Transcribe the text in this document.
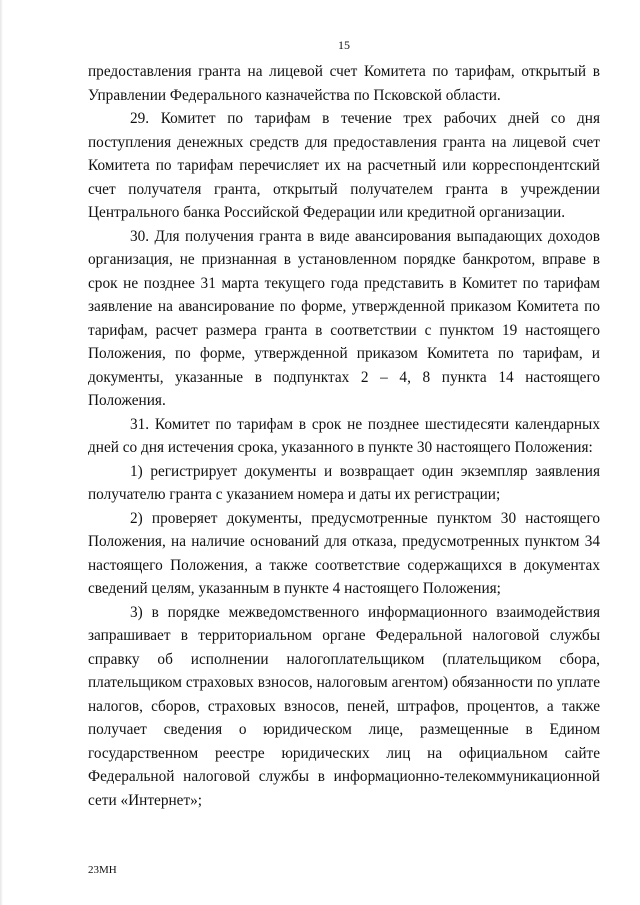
15

предоставления гранта на лицевой счет Комитета по тарифам, открытый в Управлении Федерального казначейства по Псковской области.

29. Комитет по тарифам в течение трех рабочих дней со дня поступления денежных средств для предоставления гранта на лицевой счет Комитета по тарифам перечисляет их на расчетный или корреспондентский счет получателя гранта, открытый получателем гранта в учреждении Центрального банка Российской Федерации или кредитной организации.

30. Для получения гранта в виде авансирования выпадающих доходов организация, не признанная в установленном порядке банкротом, вправе в срок не позднее 31 марта текущего года представить в Комитет по тарифам заявление на авансирование по форме, утвержденной приказом Комитета по тарифам, расчет размера гранта в соответствии с пунктом 19 настоящего Положения, по форме, утвержденной приказом Комитета по тарифам, и документы, указанные в подпунктах 2 – 4, 8 пункта 14 настоящего Положения.

31. Комитет по тарифам в срок не позднее шестидесяти календарных дней со дня истечения срока, указанного в пункте 30 настоящего Положения:

1) регистрирует документы и возвращает один экземпляр заявления получателю гранта с указанием номера и даты их регистрации;

2) проверяет документы, предусмотренные пунктом 30 настоящего Положения, на наличие оснований для отказа, предусмотренных пунктом 34 настоящего Положения, а также соответствие содержащихся в документах сведений целям, указанным в пункте 4 настоящего Положения;

3) в порядке межведомственного информационного взаимодействия запрашивает в территориальном органе Федеральной налоговой службы справку об исполнении налогоплательщиком (плательщиком сбора, плательщиком страховых взносов, налоговым агентом) обязанности по уплате налогов, сборов, страховых взносов, пеней, штрафов, процентов, а также получает сведения о юридическом лице, размещенные в Едином государственном реестре юридических лиц на официальном сайте Федеральной налоговой службы в информационно-телекоммуникационной сети «Интернет»;

23МН
